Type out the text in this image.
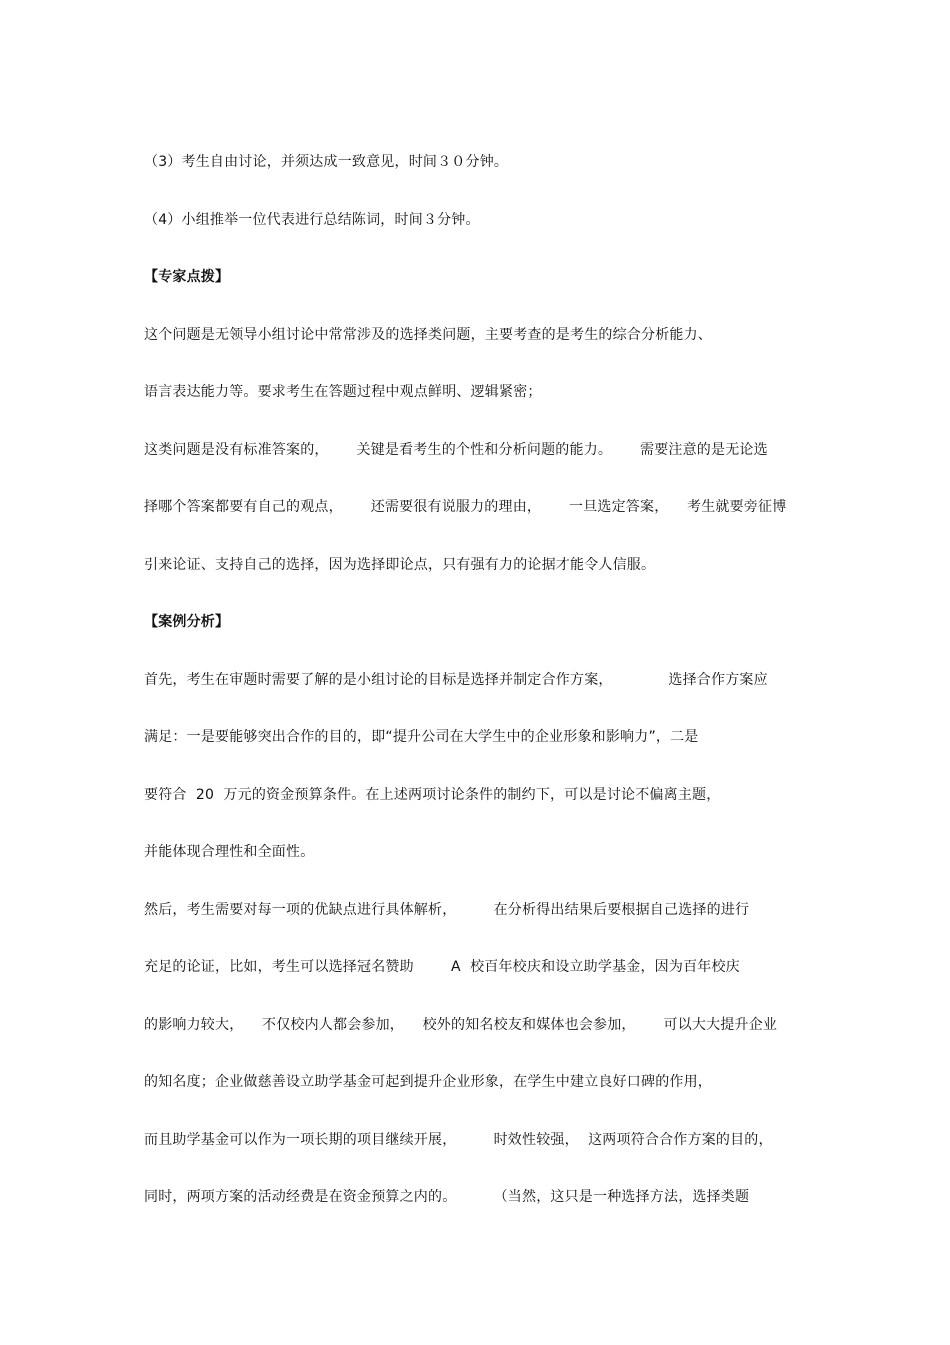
（3）考生自由讨论，并须达成一致意见，时间３０分钟。
（4）小组推举一位代表进行总结陈词，时间３分钟。
【专家点拨】
这个问题是无领导小组讨论中常常涉及的选择类问题，主要考查的是考生的综合分析能力、
语言表达能力等。要求考生在答题过程中观点鲜明、逻辑紧密；
这类问题是没有标准答案的，      关键是看考生的个性和分析问题的能力。      需要注意的是无论选
择哪个答案都要有自己的观点，      还需要很有说服力的理由，      一旦选定答案，    考生就要旁征博
引来论证、支持自己的选择，因为选择即论点，只有强有力的论据才能令人信服。
【案例分析】
首先，考生在审题时需要了解的是小组讨论的目标是选择并制定合作方案，            选择合作方案应
满足：一是要能够突出合作的目的，即“提升公司在大学生中的企业形象和影响力”，二是
要符合  20  万元的资金预算条件。在上述两项讨论条件的制约下，可以是讨论不偏离主题，
并能体现合理性和全面性。
然后，考生需要对每一项的优缺点进行具体解析，        在分析得出结果后要根据自己选择的进行
充足的论证，比如，考生可以选择冠名赞助        A  校百年校庆和设立助学基金，因为百年校庆
的影响力较大，    不仅校内人都会参加，    校外的知名校友和媒体也会参加，      可以大大提升企业
的知名度；企业做慈善设立助学基金可起到提升企业形象，在学生中建立良好口碑的作用，
而且助学基金可以作为一项长期的项目继续开展，        时效性较强，  这两项符合合作方案的目的，
同时，两项方案的活动经费是在资金预算之内的。        （当然，这只是一种选择方法，选择类题
